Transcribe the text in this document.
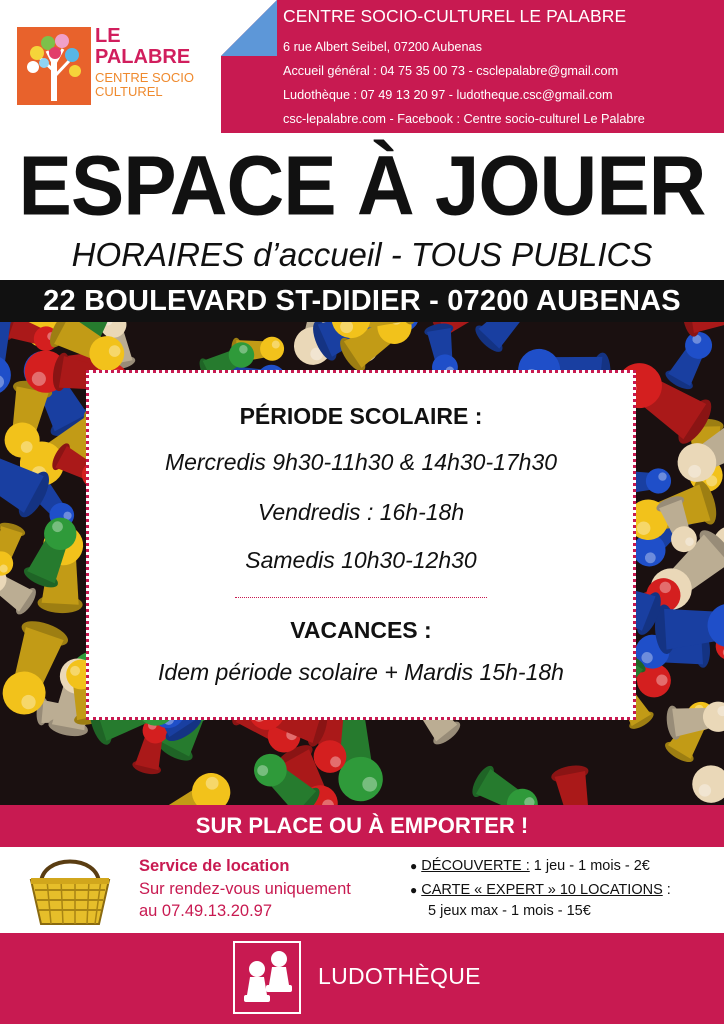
LE
PALABRE
CENTRE SOCIO
CULTUREL
CENTRE SOCIO-CULTUREL LE PALABRE
6 rue Albert Seibel, 07200 Aubenas
Accueil général : 04 75 35 00 73 - csclepalabre@gmail.com
Ludothèque : 07 49 13 20 97 - ludotheque.csc@gmail.com
csc-lepalabre.com - Facebook : Centre socio-culturel Le Palabre
ESPACE À JOUER
HORAIRES d’accueil - TOUS PUBLICS
22 BOULEVARD ST-DIDIER - 07200 AUBENAS
PÉRIODE SCOLAIRE :
Mercredis 9h30-11h30 & 14h30-17h30
Vendredis : 16h-18h
Samedis 10h30-12h30
VACANCES :
Idem période scolaire + Mardis 15h-18h
SUR PLACE OU À EMPORTER !
Service de location
Sur rendez-vous uniquement
au 07.49.13.20.97
● DÉCOUVERTE : 1 jeu - 1 mois - 2€
● CARTE « EXPERT » 10 LOCATIONS :
5 jeux max - 1 mois - 15€
LUDOTHÈQUE
